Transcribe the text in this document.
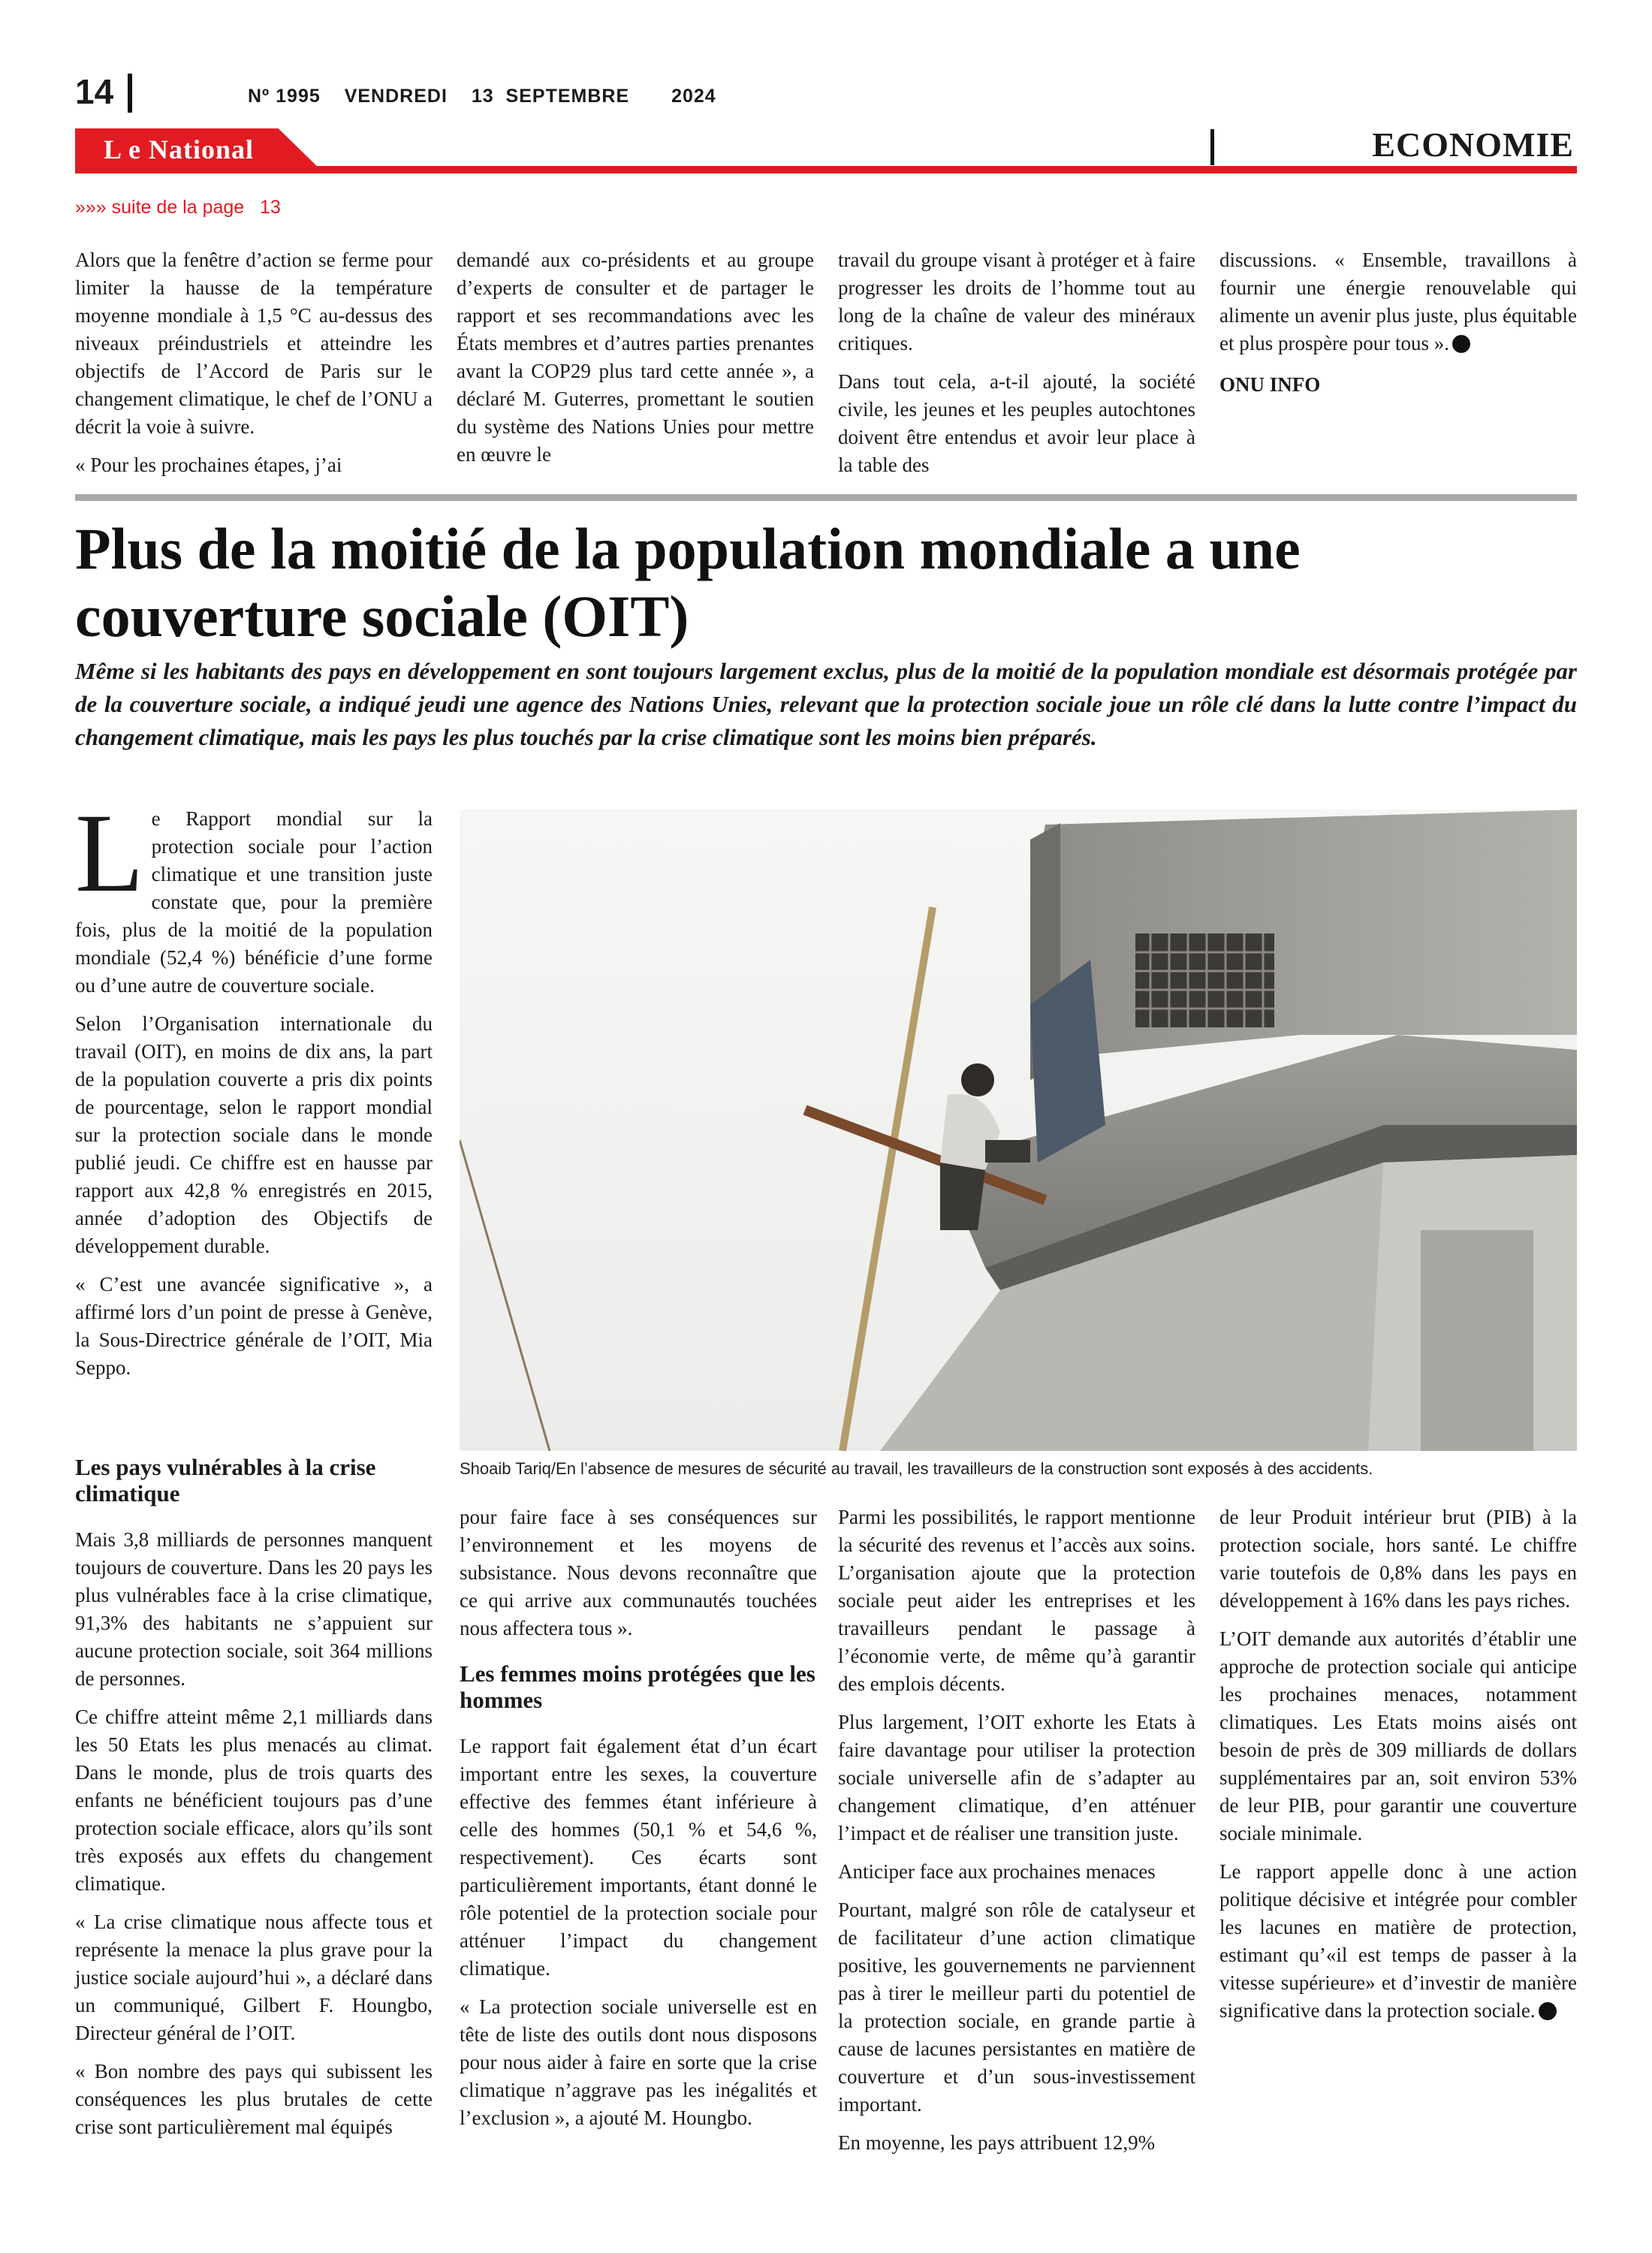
14	Nº 1995 VENDREDI 13  SEPTEMBRE 2024
L e National	ECONOMIE
»»» suite de la page   13

Alors que la fenêtre d’action se ferme pour limiter la hausse de la température moyenne mondiale à 1,5 °C au-dessus des niveaux préindustriels et atteindre les objectifs de l’Accord de Paris sur le changement climatique, le chef de l’ONU a décrit la voie à suivre.

« Pour les prochaines étapes, j’ai

demandé aux co-présidents et au groupe d’experts de consulter et de partager le rapport et ses recommandations avec les États membres et d’autres parties prenantes avant la COP29 plus tard cette année », a déclaré M. Guterres, promettant le soutien du système des Nations Unies pour mettre en œuvre le

travail du groupe visant à protéger et à faire progresser les droits de l’homme tout au long de la chaîne de valeur des minéraux critiques.

Dans tout cela, a-t-il ajouté, la société civile, les jeunes et les peuples autochtones doivent être entendus et avoir leur place à la table des

discussions. « Ensemble, travaillons à fournir une énergie renouvelable qui alimente un avenir plus juste, plus équitable et plus prospère pour tous ».

ONU INFO
Plus de la moitié de la population mondiale a une couverture sociale (OIT)
Même si les habitants des pays en développement en sont toujours largement exclus, plus de la moitié de la population mondiale est désormais protégée par de la couverture sociale, a indiqué jeudi une agence des Nations Unies, relevant que la protection sociale joue un rôle clé dans la lutte contre l’impact du changement climatique, mais les pays les plus touchés par la crise climatique sont les moins bien préparés.

Le Rapport mondial sur la protection sociale pour l’action climatique et une transition juste constate que, pour la première fois, plus de la moitié de la population mondiale (52,4 %) bénéficie d’une forme ou d’une autre de couverture sociale.

Selon l’Organisation internationale du travail (OIT), en moins de dix ans, la part de la population couverte a pris dix points de pourcentage, selon le rapport mondial sur la protection sociale dans le monde publié jeudi. Ce chiffre est en hausse par rapport aux 42,8 % enregistrés en 2015, année d’adoption des Objectifs de développement durable.

« C’est une avancée significative », a affirmé lors d’un point de presse à Genève, la Sous-Directrice générale de l’OIT, Mia Seppo.

Les pays vulnérables à la crise climatique

Mais 3,8 milliards de personnes manquent toujours de couverture. Dans les 20 pays les plus vulnérables face à la crise climatique, 91,3% des habitants ne s’appuient sur aucune protection sociale, soit 364 millions de personnes.

Ce chiffre atteint même 2,1 milliards dans les 50 Etats les plus menacés au climat. Dans le monde, plus de trois quarts des enfants ne bénéficient toujours pas d’une protection sociale efficace, alors qu’ils sont très exposés aux effets du changement climatique.

« La crise climatique nous affecte tous et représente la menace la plus grave pour la justice sociale aujourd’hui », a déclaré dans un communiqué, Gilbert F. Houngbo, Directeur général de l’OIT.

« Bon nombre des pays qui subissent les conséquences les plus brutales de cette crise sont particulièrement mal équipés

Shoaib Tariq/En l’absence de mesures de sécurité au travail, les travailleurs de la construction sont exposés à des accidents.

pour faire face à ses conséquences sur l’environnement et les moyens de subsistance. Nous devons reconnaître que ce qui arrive aux communautés touchées nous affectera tous ».

Les femmes moins protégées que les hommes

Le rapport fait également état d’un écart important entre les sexes, la couverture effective des femmes étant inférieure à celle des hommes (50,1 % et 54,6 %, respectivement). Ces écarts sont particulièrement importants, étant donné le rôle potentiel de la protection sociale pour atténuer l’impact du changement climatique.

« La protection sociale universelle est en tête de liste des outils dont nous disposons pour nous aider à faire en sorte que la crise climatique n’aggrave pas les inégalités et l’exclusion », a ajouté M. Houngbo.

Parmi les possibilités, le rapport mentionne la sécurité des revenus et l’accès aux soins. L’organisation ajoute que la protection sociale peut aider les entreprises et les travailleurs pendant le passage à l’économie verte, de même qu’à garantir des emplois décents.

Plus largement, l’OIT exhorte les Etats à faire davantage pour utiliser la protection sociale universelle afin de s’adapter au changement climatique, d’en atténuer l’impact et de réaliser une transition juste.

Anticiper face aux prochaines menaces

Pourtant, malgré son rôle de catalyseur et de facilitateur d’une action climatique positive, les gouvernements ne parviennent pas à tirer le meilleur parti du potentiel de la protection sociale, en grande partie à cause de lacunes persistantes en matière de couverture et d’un sous-investissement important.

En moyenne, les pays attribuent 12,9%

de leur Produit intérieur brut (PIB) à la protection sociale, hors santé. Le chiffre varie toutefois de 0,8% dans les pays en développement à 16% dans les pays riches.

L’OIT demande aux autorités d’établir une approche de protection sociale qui anticipe les prochaines menaces, notamment climatiques. Les Etats moins aisés ont besoin de près de 309 milliards de dollars supplémentaires par an, soit environ 53% de leur PIB, pour garantir une couverture sociale minimale.

Le rapport appelle donc à une action politique décisive et intégrée pour combler les lacunes en matière de protection, estimant qu’«il est temps de passer à la vitesse supérieure» et d’investir de manière significative dans la protection sociale.
